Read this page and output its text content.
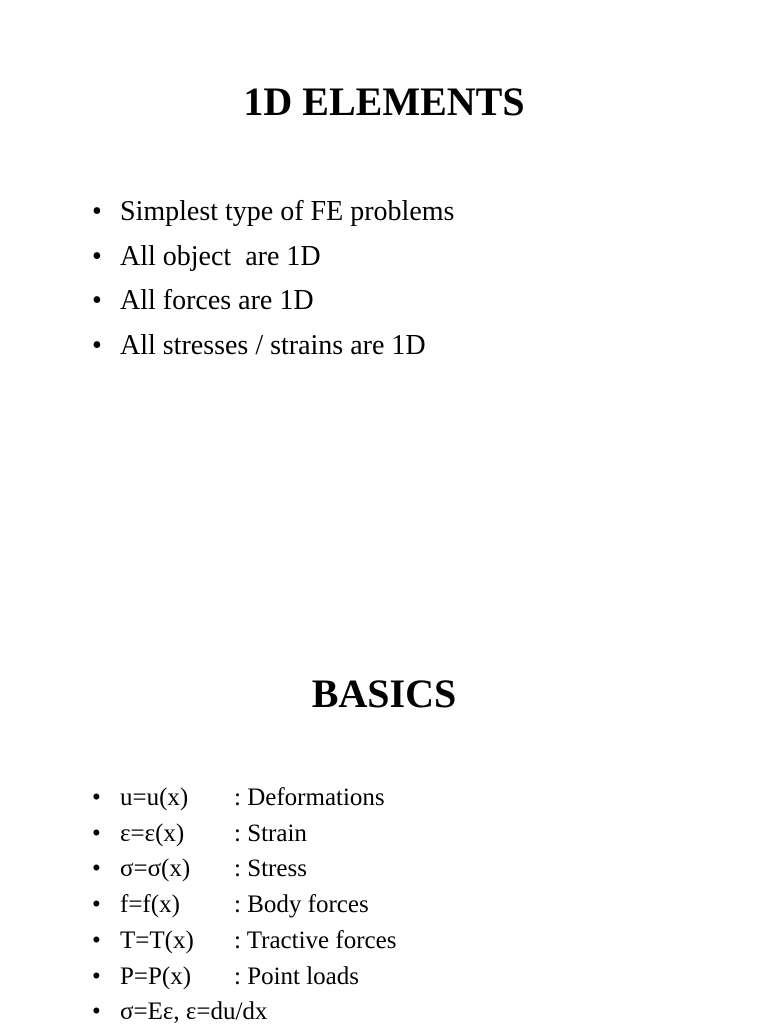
1D ELEMENTS
• Simplest type of FE problems
• All object  are 1D
• All forces are 1D
• All stresses / strains are 1D
BASICS
• u=u(x) : Deformations
• ε=ε(x) : Strain
• σ=σ(x) : Stress
• f=f(x) : Body forces
• T=T(x) : Tractive forces
• P=P(x) : Point loads
• σ=Eε, ε=du/dx
